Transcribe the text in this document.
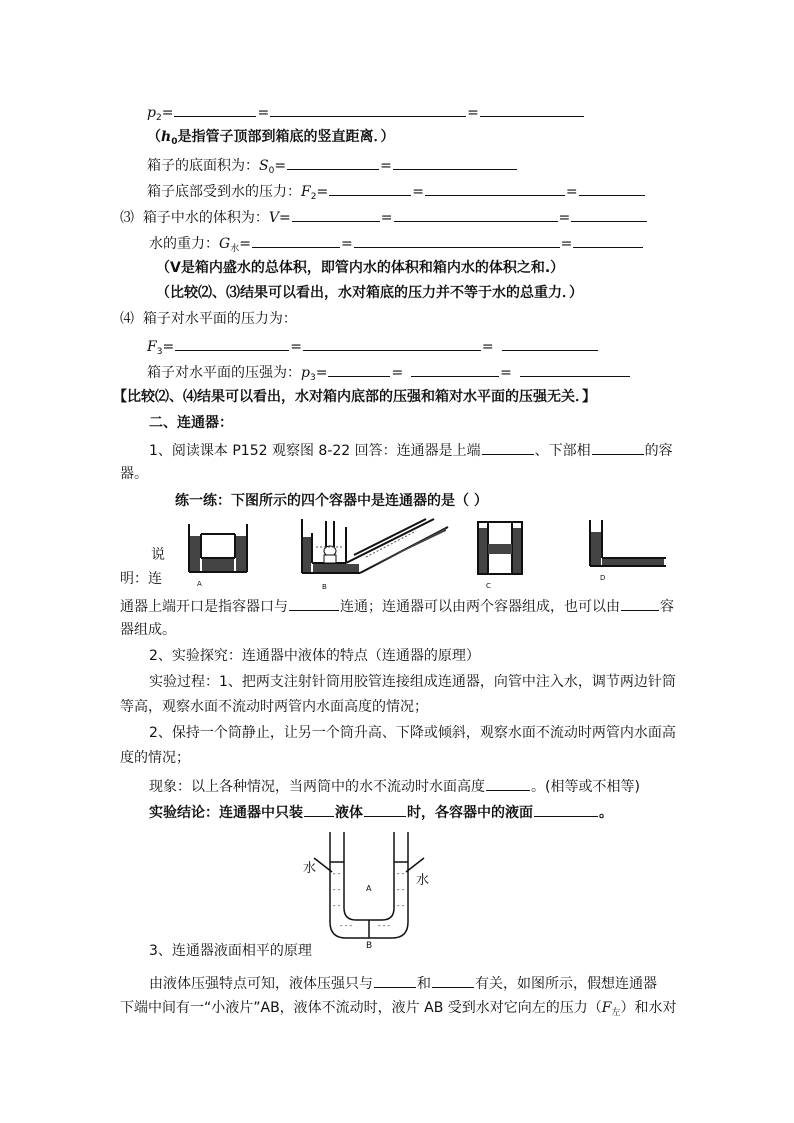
$p_2=$	=	=
（$h_0$是指管子顶部到箱底的竖直距离．）
箱子的底面积为：$S_0=$	=
箱子底部受到水的压力：$F_2=$	=	=
⑶ 箱子中水的体积为：V=	=	=
水的重力：$G_水=$	=	=
（V是箱内盛水的总体积，即管内水的体积和箱内水的体积之和.）
（比较⑵、⑶结果可以看出，水对箱底的压力并不等于水的总重力．）
⑷ 箱子对水平面的压力为：
$F_3=$	=	=
箱子对水平面的压强为：$p_3=$	=	=
【比较⑵、⑷结果可以看出，水对箱内底部的压强和箱对水平面的压强无关．】
二、连通器：
1、阅读课本 P152 观察图 8-22 回答：连通器是上端	、下部相	的容
器。
练一练：下图所示的四个容器中是连通器的是（ ）
A
说
B	C
D
明：连
通器上端开口是指容器口与	连通；连通器可以由两个容器组成，也可以由	容
器组成。
2、实验探究：连通器中液体的特点（连通器的原理）
实验过程：1、把两支注射针筒用胶管连接组成连通器，向管中注入水，调节两边针筒
等高，观察水面不流动时两管内水面高度的情况；
2、保持一个筒静止，让另一个筒升高、下降或倾斜，观察水面不流动时两管内水面高
度的情况；
现象：以上各种情况，当两筒中的水不流动时水面高度	。(相等或不相等)
实验结论：连通器中只装 液体	时，各容器中的液面	。
- -	- -
- -	- -
- -	- -
- - -	- - -
水
水
A
B
3、连通器液面相平的原理
由液体压强特点可知，液体压强只与	和	有关，如图所示，假想连通器
下端中间有一“小液片”AB，液体不流动时，液片 AB 受到水对它向左的压力$(F_左)$和水对
